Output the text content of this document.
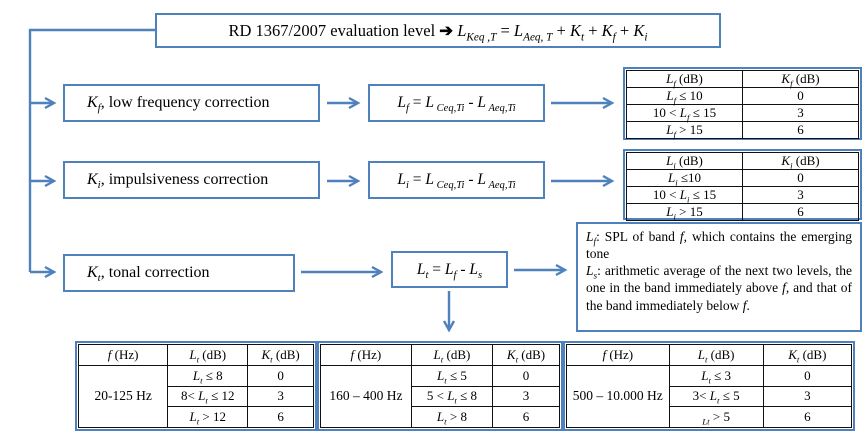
RD 1367/2007 evaluation level ➔ $L_{Keq ,T} = L_{Aeq, T} + K_t + K_f + K_i$
$K_f$, low frequency correction	$L_f = L$ $_{Ceq,Ti}$ - L $_{Aeq,Ti}$
$L_f$ (dB)	$K_f$ (dB)
$L_f \le 10$	0
$10 < L_f \le 15$	3
$L_f > 15$	6
$K_i$, impulsiveness correction	$L_i = L$ $_{Ceq,Ti}$ - L $_{Aeq,Ti}$
$L_i$ (dB)	$K_i$ (dB)
$L_i \le 10$	0
$10 < L_i \le 15$	3
$L_i > 15$	6
$K_t$, tonal correction	$L_t = L_f - L_s$
$L_f$: SPL of band f, which contains the emerging tone
$L_s$: arithmetic average of the next two levels, the one in the band immediately above f, and that of the band immediately below f.
f (Hz)	$L_t$ (dB)	$K_t$ (dB)
20-125 Hz	$L_t \le 8$	0
	$8< L_t \le 12$	3
	$L_t > 12$	6
f (Hz)	$L_t$ (dB)	$K_t$ (dB)
160 – 400 Hz	$L_t \le 5$	0
	$5 < L_t \le 8$	3
	$L_t > 8$	6
f (Hz)	$L_t$ (dB)	$K_t$ (dB)
500 – 10.000 Hz	$L_t \le 3$	0
	$3< L_t \le 5$	3
	$_{Lt}$ > 5	6
